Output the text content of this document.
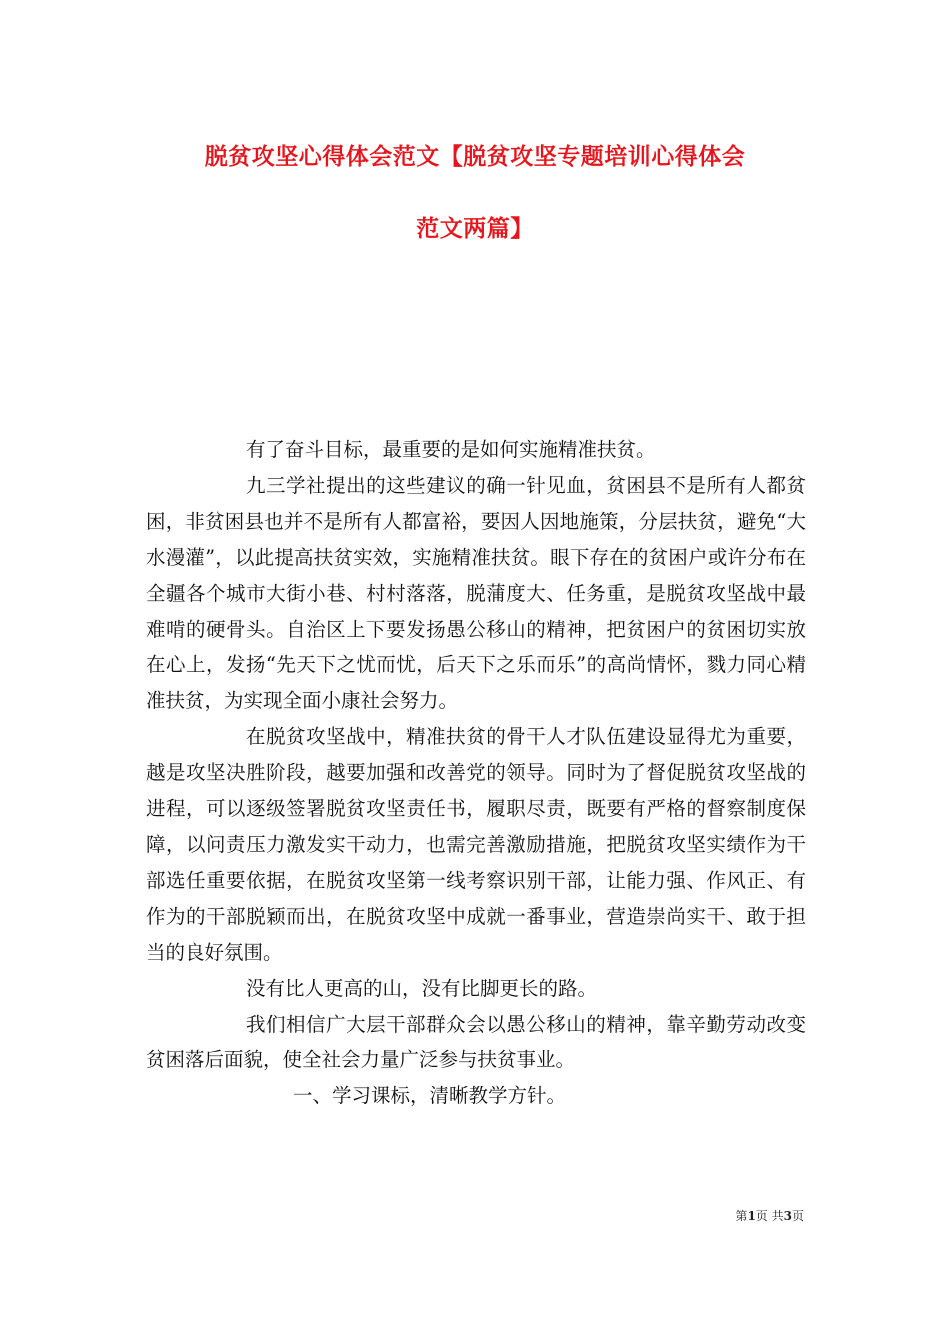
脱贫攻坚心得体会范文【脱贫攻坚专题培训心得体会
范文两篇】

有了奋斗目标，最重要的是如何实施精准扶贫。

九三学社提出的这些建议的确一针见血，贫困县不是所有人都贫困，非贫困县也并不是所有人都富裕，要因人因地施策，分层扶贫，避免“大水漫灌”，以此提高扶贫实效，实施精准扶贫。眼下存在的贫困户或许分布在全疆各个城市大街小巷、村村落落，脱蒲度大、任务重，是脱贫攻坚战中最难啃的硬骨头。自治区上下要发扬愚公移山的精神，把贫困户的贫困切实放在心上，发扬“先天下之忧而忧，后天下之乐而乐”的高尚情怀，戮力同心精准扶贫，为实现全面小康社会努力。

在脱贫攻坚战中，精准扶贫的骨干人才队伍建设显得尤为重要，越是攻坚决胜阶段，越要加强和改善党的领导。同时为了督促脱贫攻坚战的进程，可以逐级签署脱贫攻坚责任书，履职尽责，既要有严格的督察制度保障，以问责压力激发实干动力，也需完善激励措施，把脱贫攻坚实绩作为干部选任重要依据，在脱贫攻坚第一线考察识别干部，让能力强、作风正、有作为的干部脱颖而出，在脱贫攻坚中成就一番事业，营造崇尚实干、敢于担当的良好氛围。

没有比人更高的山，没有比脚更长的路。

我们相信广大层干部群众会以愚公移山的精神，靠辛勤劳动改变贫困落后面貌，使全社会力量广泛参与扶贫事业。

一、学习课标，清晰教学方针。

第1页 共3页
